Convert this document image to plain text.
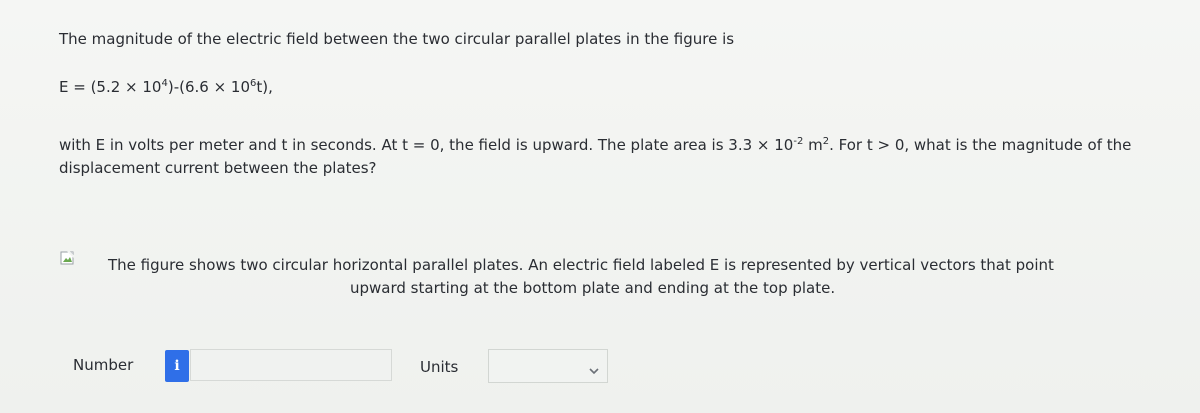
The magnitude of the electric field between the two circular parallel plates in the figure is
$E = (5.2 \times 10^4)-(6.6 \times 10^6t)$,
with E in volts per meter and t in seconds. At t = 0, the field is upward. The plate area is $3.3 \times 10^{-2}$ $m^2$. For t > 0, what is the magnitude of the displacement current between the plates?
The figure shows two circular horizontal parallel plates. An electric field labeled E is represented by vertical vectors that point
upward starting at the bottom plate and ending at the top plate.
Number	i	Units
